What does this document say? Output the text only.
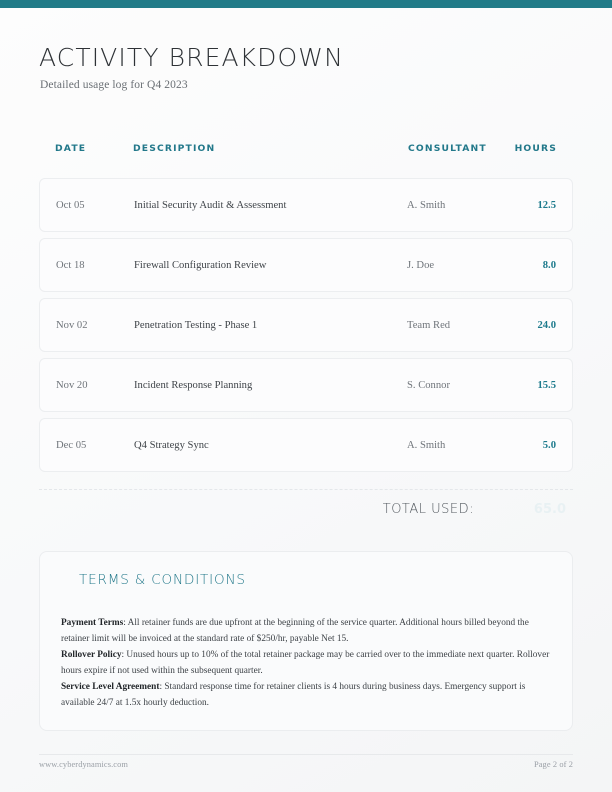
ACTIVITY BREAKDOWN
Detailed usage log for Q4 2023
DATE	DESCRIPTION	CONSULTANT	HOURS
Oct 05	Initial Security Audit & Assessment	A. Smith	12.5
Oct 18	Firewall Configuration Review	J. Doe	8.0
Nov 02	Penetration Testing - Phase 1	Team Red	24.0
Nov 20	Incident Response Planning	S. Connor	15.5
Dec 05	Q4 Strategy Sync	A. Smith	5.0
TOTAL USED:	65.0
TERMS & CONDITIONS

Payment Terms: All retainer funds are due upfront at the beginning of the service quarter. Additional hours billed beyond the retainer limit will be invoiced at the standard rate of $250/hr, payable Net 15.

Rollover Policy: Unused hours up to 10% of the total retainer package may be carried over to the immediate next quarter. Rollover hours expire if not used within the subsequent quarter.

Service Level Agreement: Standard response time for retainer clients is 4 hours during business days. Emergency support is available 24/7 at 1.5x hourly deduction.

www.cyberdynamics.com	Page 2 of 2
